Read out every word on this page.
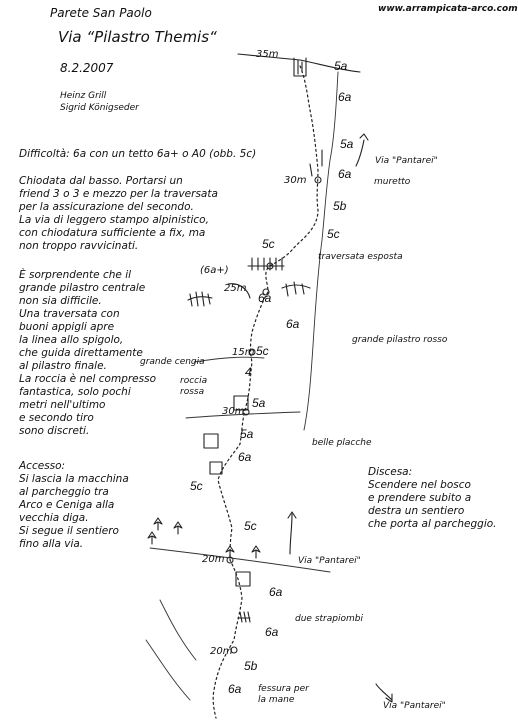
www.arrampicata-arco.com
Parete San Paolo
Via “Pilastro Themis“
8.2.2007
Heinz Grill
Sigrid Königseder
Difficoltà: 6a con un tetto 6a+ o A0 (obb. 5c)
Chiodata dal basso. Portarsi un
friend 3 o 3 e mezzo per la traversata
per la assicurazione del secondo.
La via di leggero stampo alpinistico,
con chiodatura sufficiente a fix, ma
non troppo ravvicinati.
È sorprendente che il
grande pilastro centrale
non sia difficile.
Una traversata con
buoni appigli apre
la linea allo spigolo,
che guida direttamente
al pilastro finale.
La roccia è nel compresso
fantastica, solo pochi
metri nell'ultimo
e secondo tiro
sono discreti.
Accesso:
Si lascia la macchina
al parcheggio tra
Arco e Ceniga alla
vecchia diga.
Si segue il sentiero
fino alla via.
Discesa:
Scendere nel bosco
e prendere subito a
destra un sentiero
che porta al parcheggio.
5a
6a
5a
6a
5b
5c
5c
6a
6a
5c
4
5a
5a
6a
5c
5c
6a
6a
5b
6a
35m
30m
(6a+)
25m
15m
30m
20m
20m
Via "Pantarei"
muretto
traversata esposta
grande pilastro rosso
grande cengia
roccia rossa
belle placche
Via "Pantarei"
due strapiombi
fessura per la mane
Via "Pantarei"
